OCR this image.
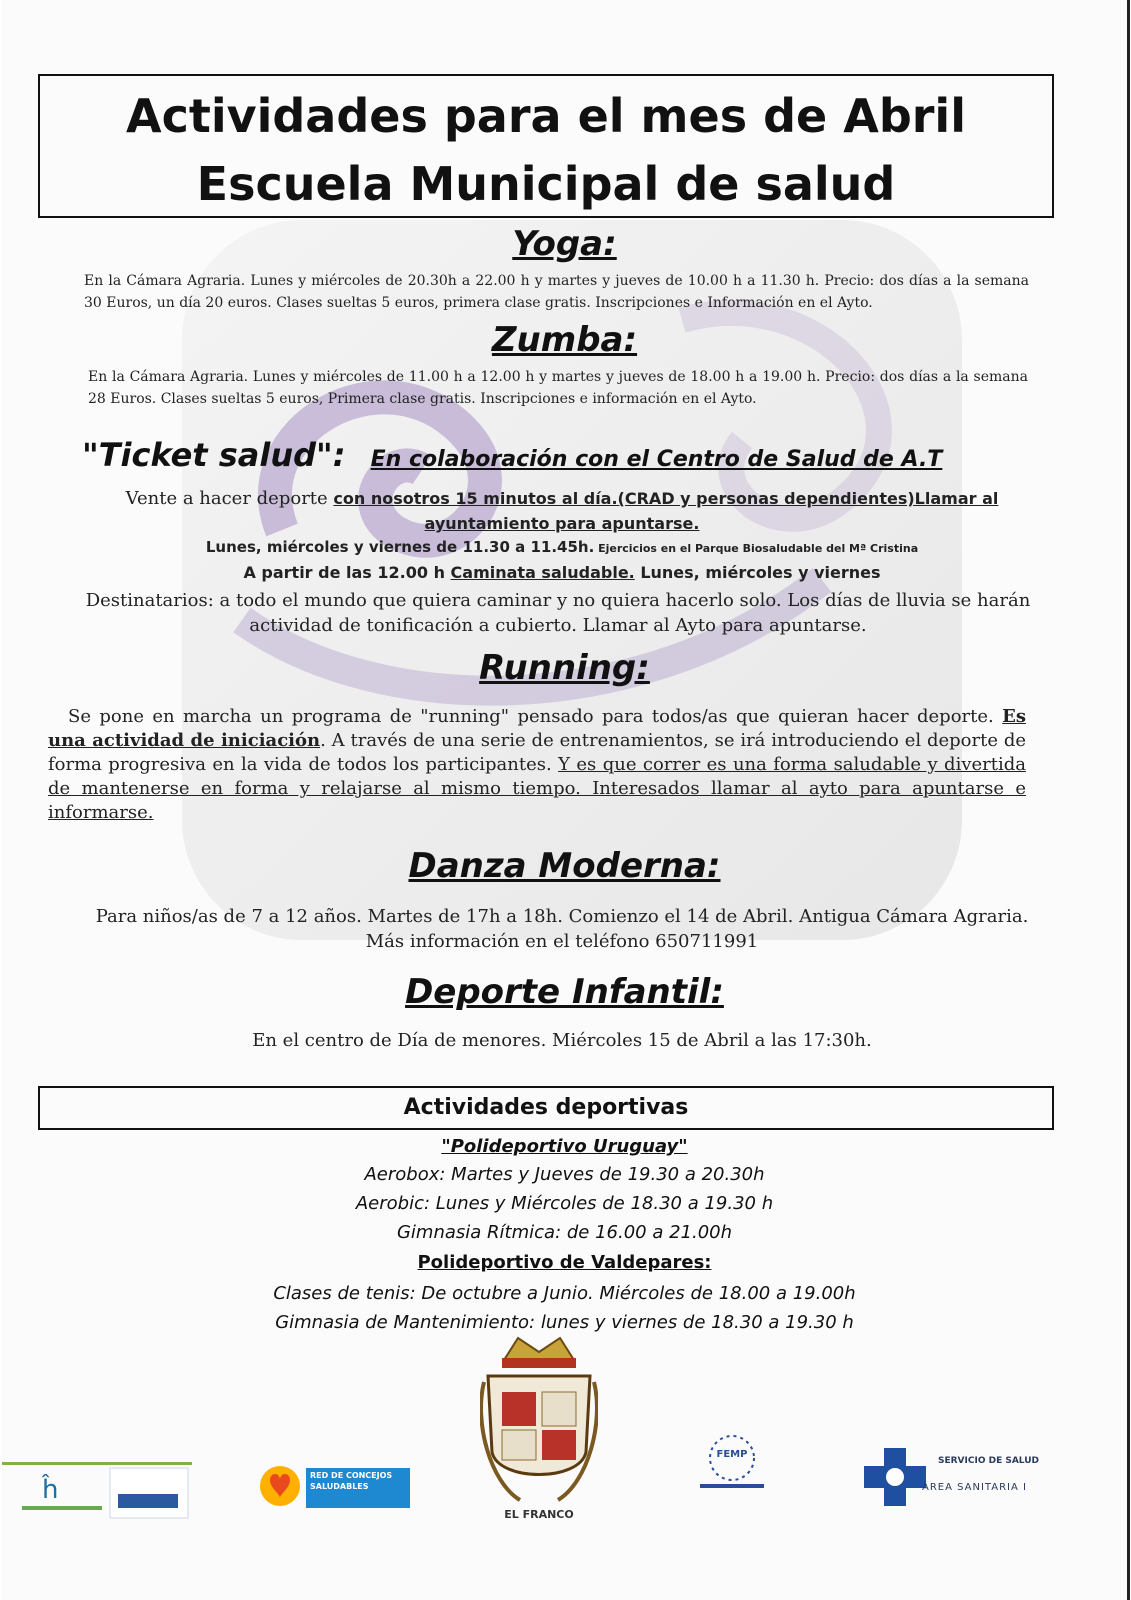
Actividades para el mes de Abril
Escuela Municipal de salud
Yoga:
En la Cámara Agraria. Lunes y miércoles de 20.30h a 22.00 h y martes y jueves de 10.00 h a 11.30 h. Precio: dos días a la semana 30 Euros, un día 20 euros. Clases sueltas 5 euros, primera clase gratis. Inscripciones e Información en el Ayto.
Zumba:
En la Cámara Agraria. Lunes y miércoles de 11.00 h a 12.00 h y martes y jueves de 18.00 h a 19.00 h. Precio: dos días a la semana 28 Euros. Clases sueltas 5 euros, Primera clase gratis. Inscripciones e información en el Ayto.
"Ticket salud": En colaboración con el Centro de Salud de A.T
Vente a hacer deporte con nosotros 15 minutos al día.(CRAD y personas dependientes)Llamar al ayuntamiento para apuntarse.
Lunes, miércoles y viernes de 11.30 a 11.45h. Ejercicios en el Parque Biosaludable del Mª Cristina
A partir de las 12.00 h Caminata saludable. Lunes, miércoles y viernes
Destinatarios: a todo el mundo que quiera caminar y no quiera hacerlo solo. Los días de lluvia se harán actividad de tonificación a cubierto. Llamar al Ayto para apuntarse.
Running:
Se pone en marcha un programa de "running" pensado para todos/as que quieran hacer deporte. Es una actividad de iniciación. A través de una serie de entrenamientos, se irá introduciendo el deporte de forma progresiva en la vida de todos los participantes. Y es que correr es una forma saludable y divertida de mantenerse en forma y relajarse al mismo tiempo. Interesados llamar al ayto para apuntarse e informarse.
Danza Moderna:
Para niños/as de 7 a 12 años. Martes de 17h a 18h. Comienzo el 14 de Abril. Antigua Cámara Agraria.
Más información en el teléfono 650711991
Deporte Infantil:
En el centro de Día de menores. Miércoles 15 de Abril a las 17:30h.
Actividades deportivas
"Polideportivo Uruguay"
Aerobox: Martes y Jueves de 19.30 a 20.30h
Aerobic: Lunes y Miércoles de 18.30 a 19.30 h
Gimnasia Rítmica: de 16.00 a 21.00h
Polideportivo de Valdepares:
Clases de tenis: De octubre a Junio. Miércoles de 18.00 a 19.00h
Gimnasia de Mantenimiento: lunes y viernes de 18.30 a 19.30 h
ĥ	RED DE CONCEJOS SALUDABLES
EL FRANCO
FEMP
SERVICIO DE SALUD
ÁREA SANITARIA I
